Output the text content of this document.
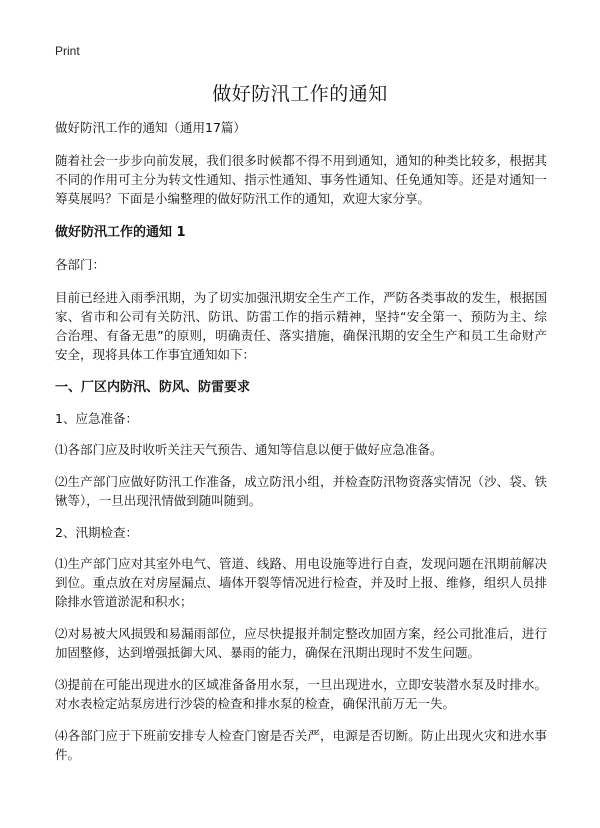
Print
做好防汛工作的通知

做好防汛工作的通知（通用17篇）

随着社会一步步向前发展，我们很多时候都不得不用到通知，通知的种类比较多，根据其不同的作用可主分为转文性通知、指示性通知、事务性通知、任免通知等。还是对通知一筹莫展吗？下面是小编整理的做好防汛工作的通知，欢迎大家分享。

做好防汛工作的通知 1

各部门：

目前已经进入雨季汛期，为了切实加强汛期安全生产工作，严防各类事故的发生，根据国家、省市和公司有关防汛、防讯、防雷工作的指示精神，坚持“安全第一、预防为主、综合治理、有备无患”的原则，明确责任、落实措施，确保汛期的安全生产和员工生命财产安全，现将具体工作事宜通知如下：

一、厂区内防汛、防风、防雷要求

1、应急准备：

⑴各部门应及时收听关注天气预告、通知等信息以便于做好应急准备。

⑵生产部门应做好防汛工作准备，成立防汛小组，并检查防汛物资落实情况（沙、袋、铁锹等），一旦出现汛情做到随叫随到。

2、汛期检查：

⑴生产部门应对其室外电气、管道、线路、用电设施等进行自查，发现问题在汛期前解决到位。重点放在对房屋漏点、墙体开裂等情况进行检查，并及时上报、维修，组织人员排除排水管道淤泥和积水；

⑵对易被大风损毁和易漏雨部位，应尽快提报并制定整改加固方案，经公司批准后，进行加固整修，达到增强抵御大风、暴雨的能力，确保在汛期出现时不发生问题。

⑶提前在可能出现进水的区域准备备用水泵，一旦出现进水，立即安装潜水泵及时排水。对水表检定站泵房进行沙袋的检查和排水泵的检查，确保汛前万无一失。

⑷各部门应于下班前安排专人检查门窗是否关严，电源是否切断。防止出现火灾和进水事件。
